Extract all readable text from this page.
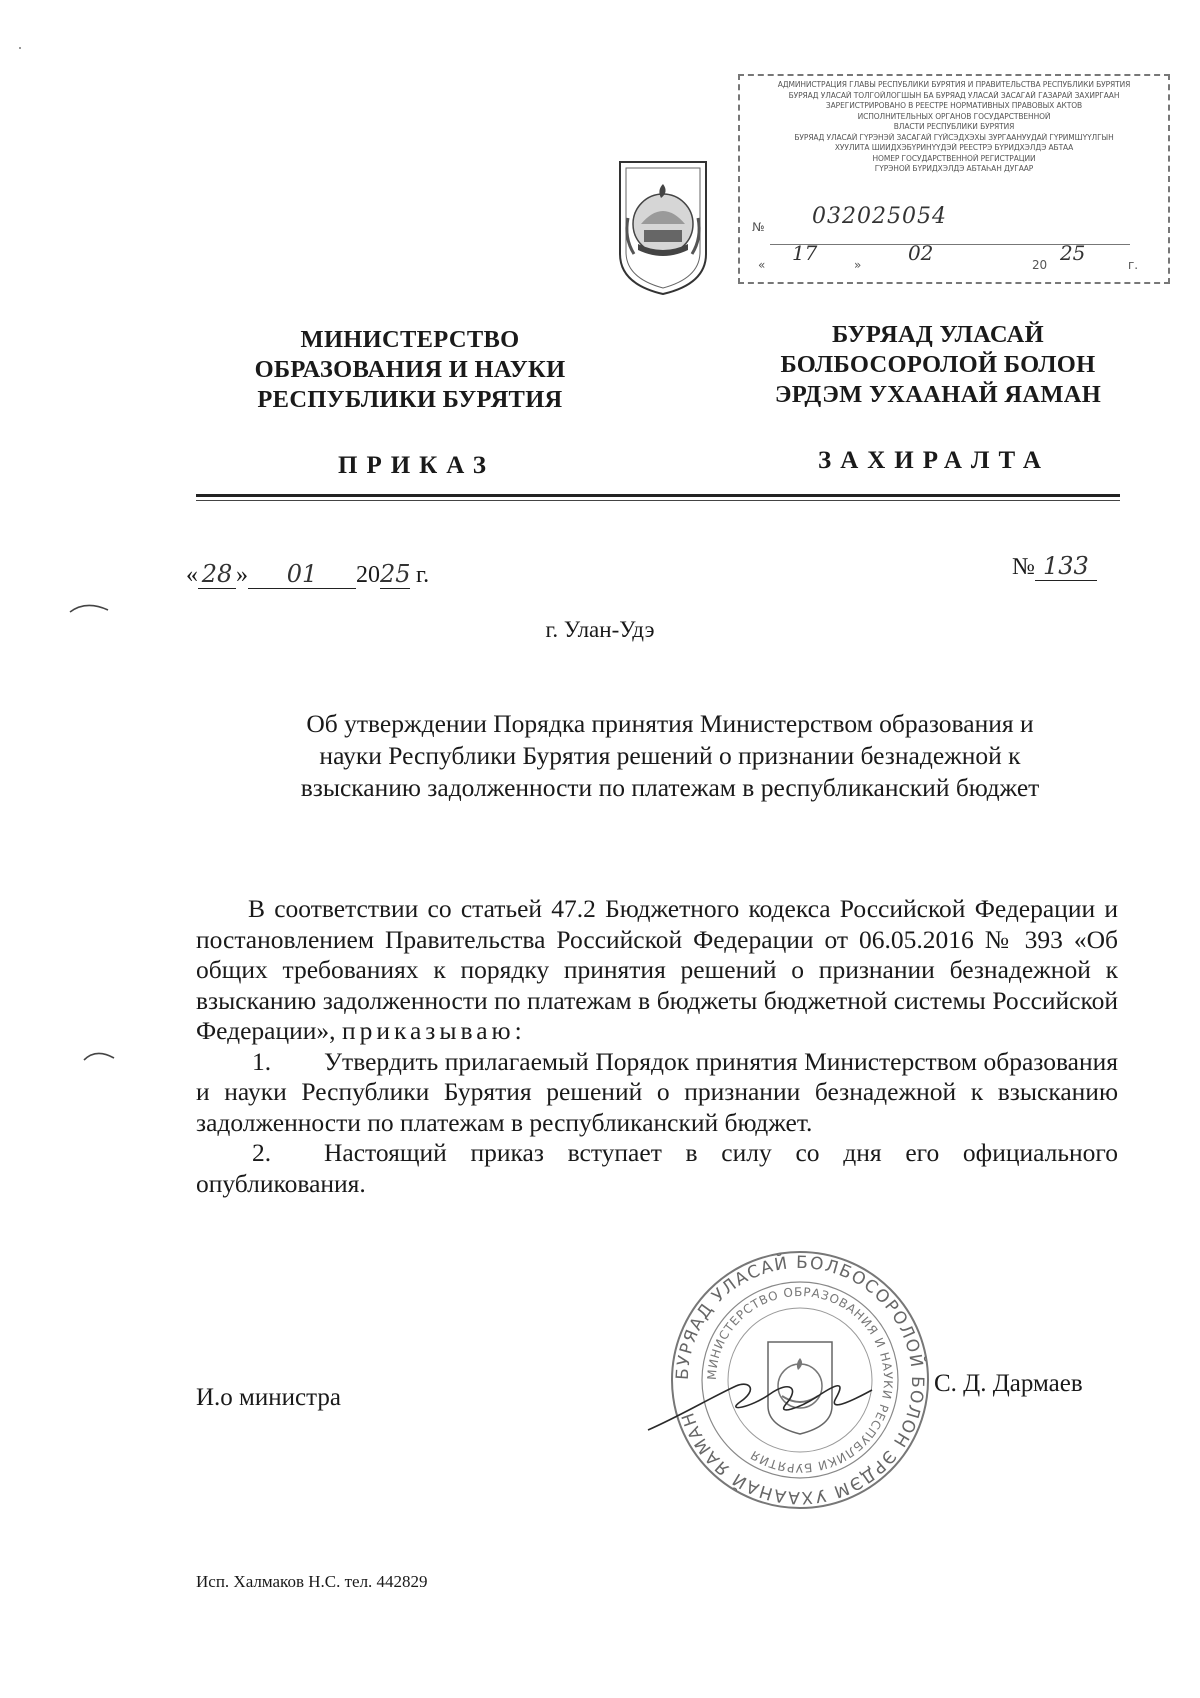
АДМИНИСТРАЦИЯ ГЛАВЫ РЕСПУБЛИКИ БУРЯТИЯ И ПРАВИТЕЛЬСТВА РЕСПУБЛИКИ БУРЯТИЯ
БУРЯАД УЛАСАЙ ТОЛГОЙЛОГШЫН БА БУРЯАД УЛАСАЙ ЗАСАГАЙ ГАЗАРАЙ ЗАХИРГААН
ЗАРЕГИСТРИРОВАНО В РЕЕСТРЕ НОРМАТИВНЫХ ПРАВОВЫХ АКТОВ
ИСПОЛНИТЕЛЬНЫХ ОРГАНОВ ГОСУДАРСТВЕННОЙ
ВЛАСТИ РЕСПУБЛИКИ БУРЯТИЯ
БУРЯАД УЛАСАЙ ГҮРЭНЭЙ ЗАСАГАЙ ГҮЙСЭДХЭХЫ ЗУРГААНУУДАЙ ГҮРИМШҮҮЛГЫН
ХУУЛИТА ШИИДХЭБҮРИНҮҮДЭЙ РЕЕСТРЭ БҮРИДХЭЛДЭ АБТАА
НОМЕР ГОСУДАРСТВЕННОЙ РЕГИСТРАЦИИ
ГҮРЭНОЙ БҮРИДХЭЛДЭ АБТАҺАН ДУГААР
№ 032025054
« 17	» 02	20 25	г.
МИНИСТЕРСТВО
ОБРАЗОВАНИЯ И НАУКИ
РЕСПУБЛИКИ БУРЯТИЯ
БУРЯАД УЛАСАЙ
БОЛБОСОРОЛОЙ БОЛОН
ЭРДЭМ УХААНАЙ ЯАМАН
ПРИКАЗ	ЗАХИРАЛТА
« 28 » 01 2025 г.	№ 133
г. Улан-Удэ
Об утверждении Порядка принятия Министерством образования и
науки Республики Бурятия решений о признании безнадежной к
взысканию задолженности по платежам в республиканский бюджет

В соответствии со статьей 47.2 Бюджетного кодекса Российской Федерации и постановлением Правительства Российской Федерации от 06.05.2016 № 393 «Об общих требованиях к порядку принятия решений о признании безнадежной к взысканию задолженности по платежам в бюджеты бюджетной системы Российской Федерации», приказываю:

1. Утвердить прилагаемый Порядок принятия Министерством образования и науки Республики Бурятия решений о признании безнадежной к взысканию задолженности по платежам в республиканский бюджет.

2. Настоящий приказ вступает в силу со дня его официального опубликования.

БУРЯАД УЛАСАЙ БОЛБОСОРОЛОЙ БОЛОН ЭРДЭМ УХААНАЙ ЯАМАН
МИНИСТЕРСТВО ОБРАЗОВАНИЯ И НАУКИ РЕСПУБЛИКИ БУРЯТИЯ
И.о министра
С. Д. Дармаев
Исп. Халмаков Н.С. тел. 442829
